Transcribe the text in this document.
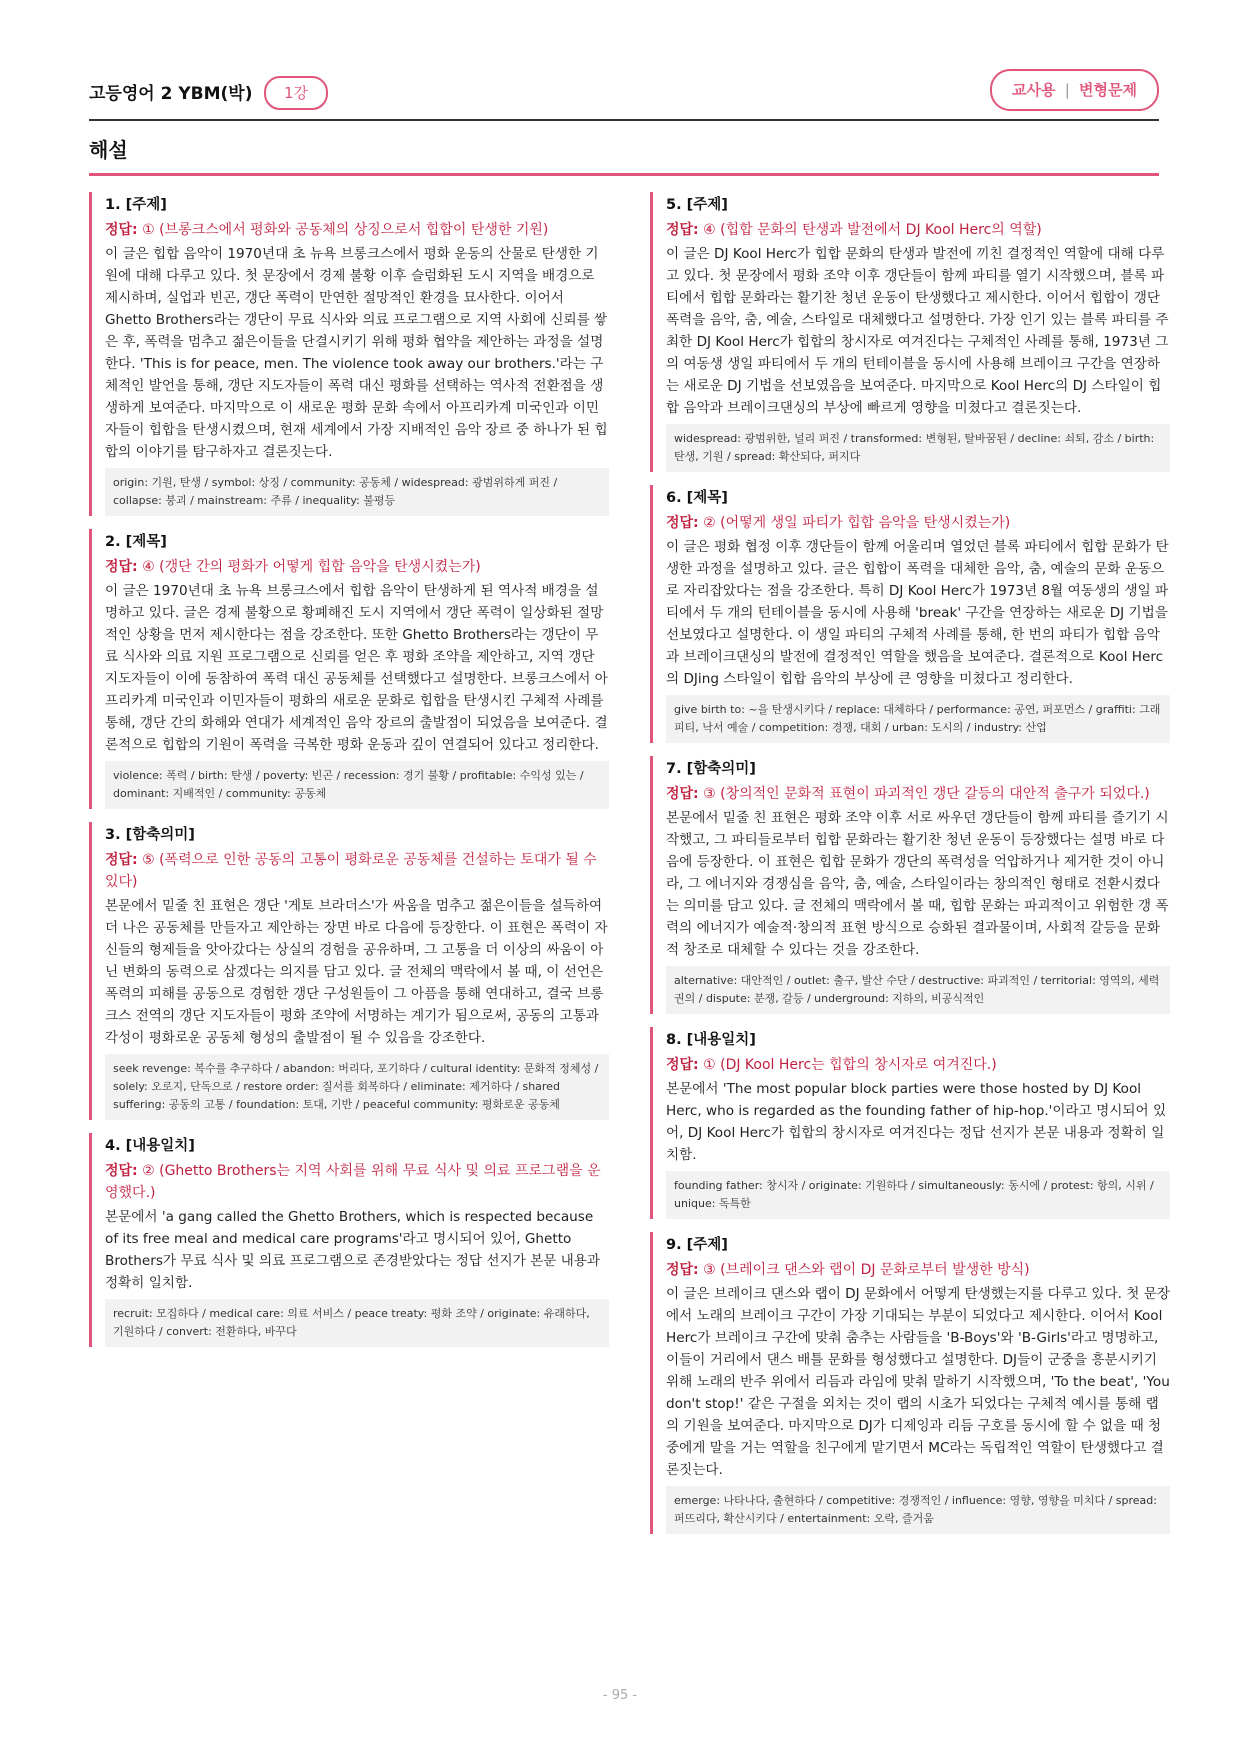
고등영어 2 YBM(박)	1강	교사용 | 변형문제
해설
1. [주제]
정답: ① (브롱크스에서 평화와 공동체의 상징으로서 힙합이 탄생한 기원)
이 글은 힙합 음악이 1970년대 초 뉴욕 브롱크스에서 평화 운동의 산물로 탄생한 기원에 대해 다루고 있다. 첫 문장에서 경제 불황 이후 슬럼화된 도시 지역을 배경으로 제시하며, 실업과 빈곤, 갱단 폭력이 만연한 절망적인 환경을 묘사한다. 이어서 Ghetto Brothers라는 갱단이 무료 식사와 의료 프로그램으로 지역 사회에 신뢰를 쌓은 후, 폭력을 멈추고 젊은이들을 단결시키기 위해 평화 협약을 제안하는 과정을 설명한다. 'This is for peace, men. The violence took away our brothers.'라는 구체적인 발언을 통해, 갱단 지도자들이 폭력 대신 평화를 선택하는 역사적 전환점을 생생하게 보여준다. 마지막으로 이 새로운 평화 문화 속에서 아프리카계 미국인과 이민자들이 힙합을 탄생시켰으며, 현재 세계에서 가장 지배적인 음악 장르 중 하나가 된 힙합의 이야기를 탐구하자고 결론짓는다.
origin: 기원, 탄생 / symbol: 상징 / community: 공동체 / widespread: 광범위하게 퍼진 / collapse: 붕괴 / mainstream: 주류 / inequality: 불평등
2. [제목]
정답: ④ (갱단 간의 평화가 어떻게 힙합 음악을 탄생시켰는가)
이 글은 1970년대 초 뉴욕 브롱크스에서 힙합 음악이 탄생하게 된 역사적 배경을 설명하고 있다. 글은 경제 불황으로 황폐해진 도시 지역에서 갱단 폭력이 일상화된 절망적인 상황을 먼저 제시한다는 점을 강조한다. 또한 Ghetto Brothers라는 갱단이 무료 식사와 의료 지원 프로그램으로 신뢰를 얻은 후 평화 조약을 제안하고, 지역 갱단 지도자들이 이에 동참하여 폭력 대신 공동체를 선택했다고 설명한다. 브롱크스에서 아프리카계 미국인과 이민자들이 평화의 새로운 문화로 힙합을 탄생시킨 구체적 사례를 통해, 갱단 간의 화해와 연대가 세계적인 음악 장르의 출발점이 되었음을 보여준다. 결론적으로 힙합의 기원이 폭력을 극복한 평화 운동과 깊이 연결되어 있다고 정리한다.
violence: 폭력 / birth: 탄생 / poverty: 빈곤 / recession: 경기 불황 / profitable: 수익성 있는 / dominant: 지배적인 / community: 공동체
3. [함축의미]
정답: ⑤ (폭력으로 인한 공동의 고통이 평화로운 공동체를 건설하는 토대가 될 수 있다)
본문에서 밑줄 친 표현은 갱단 '게토 브라더스'가 싸움을 멈추고 젊은이들을 설득하여 더 나은 공동체를 만들자고 제안하는 장면 바로 다음에 등장한다. 이 표현은 폭력이 자신들의 형제들을 앗아갔다는 상실의 경험을 공유하며, 그 고통을 더 이상의 싸움이 아닌 변화의 동력으로 삼겠다는 의지를 담고 있다. 글 전체의 맥락에서 볼 때, 이 선언은 폭력의 피해를 공동으로 경험한 갱단 구성원들이 그 아픔을 통해 연대하고, 결국 브롱크스 전역의 갱단 지도자들이 평화 조약에 서명하는 계기가 됨으로써, 공동의 고통과 각성이 평화로운 공동체 형성의 출발점이 될 수 있음을 강조한다.
seek revenge: 복수를 추구하다 / abandon: 버리다, 포기하다 / cultural identity: 문화적 정체성 / solely: 오로지, 단독으로 / restore order: 질서를 회복하다 / eliminate: 제거하다 / shared suffering: 공동의 고통 / foundation: 토대, 기반 / peaceful community: 평화로운 공동체
4. [내용일치]
정답: ② (Ghetto Brothers는 지역 사회를 위해 무료 식사 및 의료 프로그램을 운영했다.)
본문에서 'a gang called the Ghetto Brothers, which is respected because of its free meal and medical care programs'라고 명시되어 있어, Ghetto Brothers가 무료 식사 및 의료 프로그램으로 존경받았다는 정답 선지가 본문 내용과 정확히 일치함.
recruit: 모집하다 / medical care: 의료 서비스 / peace treaty: 평화 조약 / originate: 유래하다, 기원하다 / convert: 전환하다, 바꾸다
5. [주제]
정답: ④ (힙합 문화의 탄생과 발전에서 DJ Kool Herc의 역할)
이 글은 DJ Kool Herc가 힙합 문화의 탄생과 발전에 끼친 결정적인 역할에 대해 다루고 있다. 첫 문장에서 평화 조약 이후 갱단들이 함께 파티를 열기 시작했으며, 블록 파티에서 힙합 문화라는 활기찬 청년 운동이 탄생했다고 제시한다. 이어서 힙합이 갱단 폭력을 음악, 춤, 예술, 스타일로 대체했다고 설명한다. 가장 인기 있는 블록 파티를 주최한 DJ Kool Herc가 힙합의 창시자로 여겨진다는 구체적인 사례를 통해, 1973년 그의 여동생 생일 파티에서 두 개의 턴테이블을 동시에 사용해 브레이크 구간을 연장하는 새로운 DJ 기법을 선보였음을 보여준다. 마지막으로 Kool Herc의 DJ 스타일이 힙합 음악과 브레이크댄싱의 부상에 빠르게 영향을 미쳤다고 결론짓는다.
widespread: 광범위한, 널리 퍼진 / transformed: 변형된, 탈바꿈된 / decline: 쇠퇴, 감소 / birth: 탄생, 기원 / spread: 확산되다, 퍼지다
6. [제목]
정답: ② (어떻게 생일 파티가 힙합 음악을 탄생시켰는가)
이 글은 평화 협정 이후 갱단들이 함께 어울리며 열었던 블록 파티에서 힙합 문화가 탄생한 과정을 설명하고 있다. 글은 힙합이 폭력을 대체한 음악, 춤, 예술의 문화 운동으로 자리잡았다는 점을 강조한다. 특히 DJ Kool Herc가 1973년 8월 여동생의 생일 파티에서 두 개의 턴테이블을 동시에 사용해 'break' 구간을 연장하는 새로운 DJ 기법을 선보였다고 설명한다. 이 생일 파티의 구체적 사례를 통해, 한 번의 파티가 힙합 음악과 브레이크댄싱의 발전에 결정적인 역할을 했음을 보여준다. 결론적으로 Kool Herc의 DJing 스타일이 힙합 음악의 부상에 큰 영향을 미쳤다고 정리한다.
give birth to: ~을 탄생시키다 / replace: 대체하다 / performance: 공연, 퍼포먼스 / graffiti: 그래피티, 낙서 예술 / competition: 경쟁, 대회 / urban: 도시의 / industry: 산업
7. [함축의미]
정답: ③ (창의적인 문화적 표현이 파괴적인 갱단 갈등의 대안적 출구가 되었다.)
본문에서 밑줄 친 표현은 평화 조약 이후 서로 싸우던 갱단들이 함께 파티를 즐기기 시작했고, 그 파티들로부터 힙합 문화라는 활기찬 청년 운동이 등장했다는 설명 바로 다음에 등장한다. 이 표현은 힙합 문화가 갱단의 폭력성을 억압하거나 제거한 것이 아니라, 그 에너지와 경쟁심을 음악, 춤, 예술, 스타일이라는 창의적인 형태로 전환시켰다는 의미를 담고 있다. 글 전체의 맥락에서 볼 때, 힙합 문화는 파괴적이고 위험한 갱 폭력의 에너지가 예술적·창의적 표현 방식으로 승화된 결과물이며, 사회적 갈등을 문화적 창조로 대체할 수 있다는 것을 강조한다.
alternative: 대안적인 / outlet: 출구, 발산 수단 / destructive: 파괴적인 / territorial: 영역의, 세력권의 / dispute: 분쟁, 갈등 / underground: 지하의, 비공식적인
8. [내용일치]
정답: ① (DJ Kool Herc는 힙합의 창시자로 여겨진다.)
본문에서 'The most popular block parties were those hosted by DJ Kool Herc, who is regarded as the founding father of hip-hop.'이라고 명시되어 있어, DJ Kool Herc가 힙합의 창시자로 여겨진다는 정답 선지가 본문 내용과 정확히 일치함.
founding father: 창시자 / originate: 기원하다 / simultaneously: 동시에 / protest: 항의, 시위 / unique: 독특한
9. [주제]
정답: ③ (브레이크 댄스와 랩이 DJ 문화로부터 발생한 방식)
이 글은 브레이크 댄스와 랩이 DJ 문화에서 어떻게 탄생했는지를 다루고 있다. 첫 문장에서 노래의 브레이크 구간이 가장 기대되는 부분이 되었다고 제시한다. 이어서 Kool Herc가 브레이크 구간에 맞춰 춤추는 사람들을 'B-Boys'와 'B-Girls'라고 명명하고, 이들이 거리에서 댄스 배틀 문화를 형성했다고 설명한다. DJ들이 군중을 흥분시키기 위해 노래의 반주 위에서 리듬과 라임에 맞춰 말하기 시작했으며, 'To the beat', 'You don't stop!' 같은 구절을 외치는 것이 랩의 시초가 되었다는 구체적 예시를 통해 랩의 기원을 보여준다. 마지막으로 DJ가 디제잉과 리듬 구호를 동시에 할 수 없을 때 청중에게 말을 거는 역할을 친구에게 맡기면서 MC라는 독립적인 역할이 탄생했다고 결론짓는다.
emerge: 나타나다, 출현하다 / competitive: 경쟁적인 / influence: 영향, 영향을 미치다 / spread: 퍼뜨리다, 확산시키다 / entertainment: 오락, 즐거움
- 95 -
